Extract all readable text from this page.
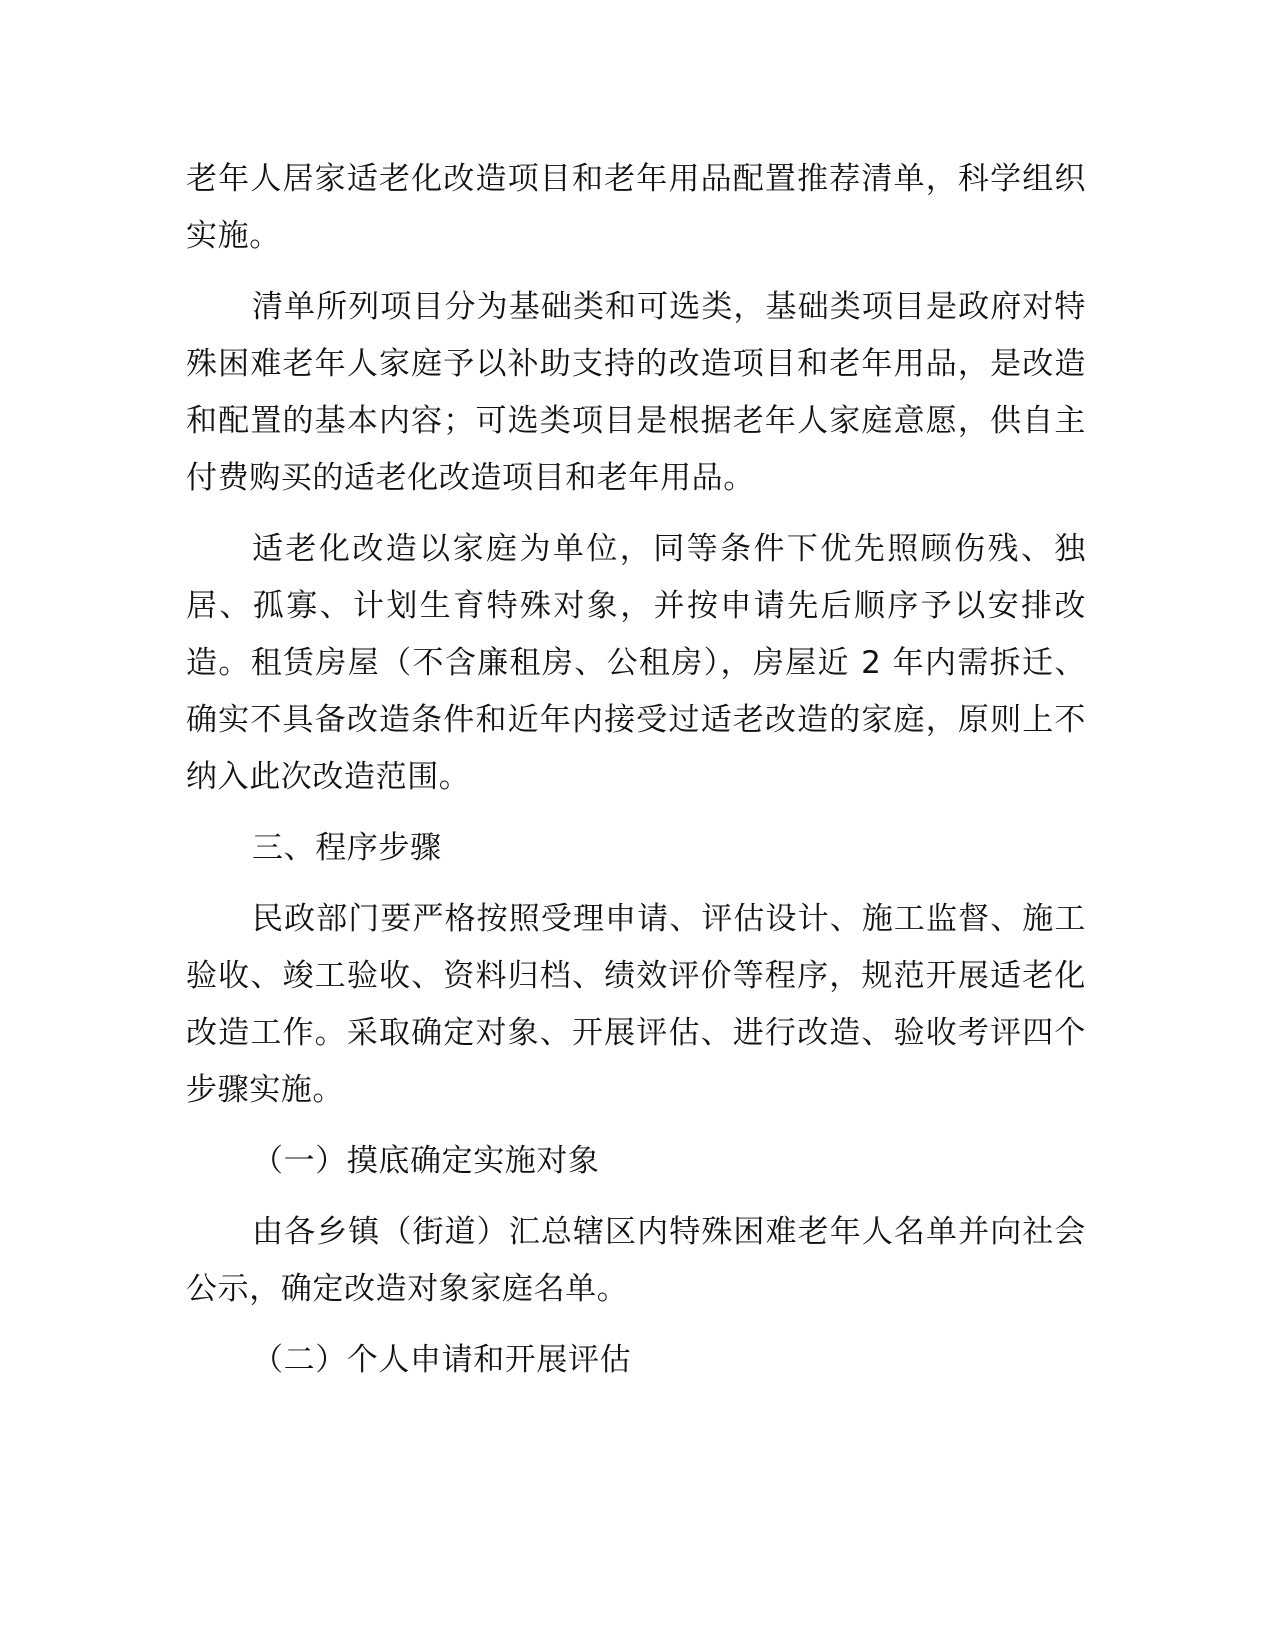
老年人居家适老化改造项目和老年用品配置推荐清单，科学组织实施。

清单所列项目分为基础类和可选类，基础类项目是政府对特殊困难老年人家庭予以补助支持的改造项目和老年用品，是改造和配置的基本内容；可选类项目是根据老年人家庭意愿，供自主付费购买的适老化改造项目和老年用品。

适老化改造以家庭为单位，同等条件下优先照顾伤残、独居、孤寡、计划生育特殊对象，并按申请先后顺序予以安排改造。租赁房屋（不含廉租房、公租房），房屋近 2 年内需拆迁、确实不具备改造条件和近年内接受过适老改造的家庭，原则上不纳入此次改造范围。

三、程序步骤

民政部门要严格按照受理申请、评估设计、施工监督、施工验收、竣工验收、资料归档、绩效评价等程序，规范开展适老化改造工作。采取确定对象、开展评估、进行改造、验收考评四个步骤实施。

（一）摸底确定实施对象

由各乡镇（街道）汇总辖区内特殊困难老年人名单并向社会公示，确定改造对象家庭名单。

（二）个人申请和开展评估
